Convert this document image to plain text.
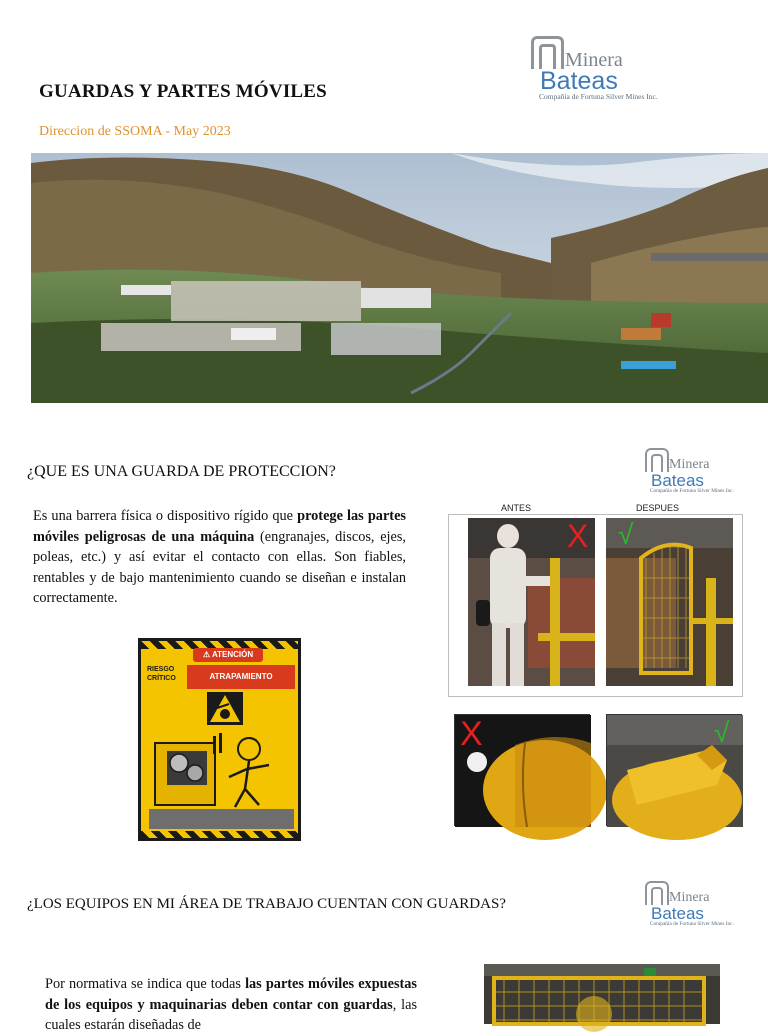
Minera
Bateas
Compañía de Fortuna Silver Mines Inc.
GUARDAS Y PARTES MÓVILES
Direccion de SSOMA - May 2023
¿QUE ES UNA GUARDA DE PROTECCION?	Minera
Bateas
Compañía de Fortuna Silver Mines Inc.
Es una barrera física o dispositivo rígido que protege las partes móviles peligrosas de una máquina (engranajes, discos, ejes, poleas, etc.) y así evitar el contacto con ellas. Son fiables, rentables y de bajo mantenimiento cuando se diseñan e instalan correctamente.
ANTES	DESPUES
X √
X	√
⚠ ATENCIÓN
RIESGO
CRÍTICO	ATRAPAMIENTO
¿LOS EQUIPOS EN MI ÁREA DE TRABAJO CUENTAN CON GUARDAS?	Minera
Bateas
Compañía de Fortuna Silver Mines Inc.
Por normativa se indica que todas las partes móviles expuestas de los equipos y maquinarias deben contar con guardas, las cuales estarán diseñadas de
